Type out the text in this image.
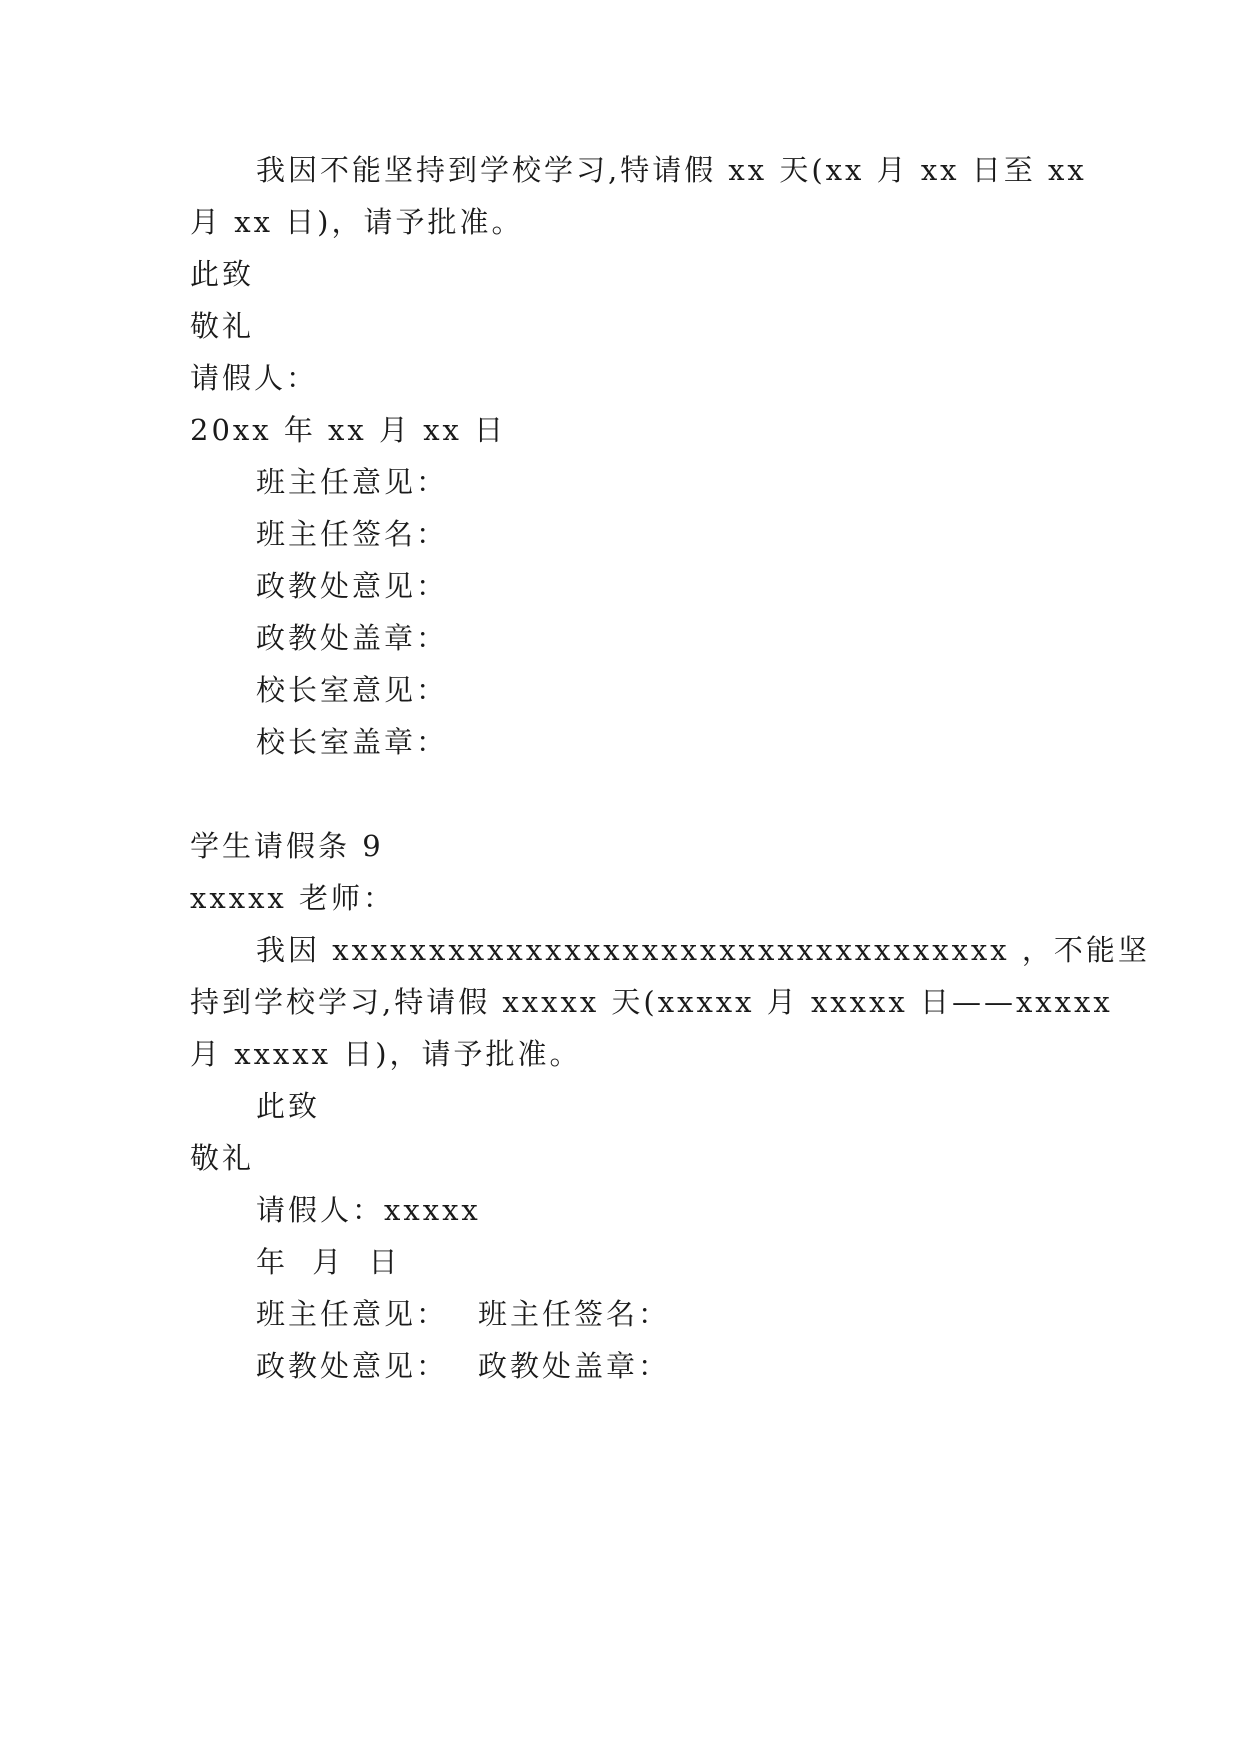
我因不能坚持到学校学习,特请假 xx 天(xx 月 xx 日至 xx
月 xx 日)，请予批准。
此致
敬礼
请假人：
20xx 年 xx 月 xx 日
班主任意见：
班主任签名：
政教处意见：
政教处盖章：
校长室意见：
校长室盖章：
学生请假条 9
xxxxx 老师：
我因 xxxxxxxxxxxxxxxxxxxxxxxxxxxxxxxxxxx ，不能坚
持到学校学习,特请假 xxxxx 天(xxxxx 月 xxxxx 日——xxxxx
月 xxxxx 日)，请予批准。
此致
敬礼
请假人：xxxxx
年 月 日
班主任意见： 班主任签名：
政教处意见： 政教处盖章：
